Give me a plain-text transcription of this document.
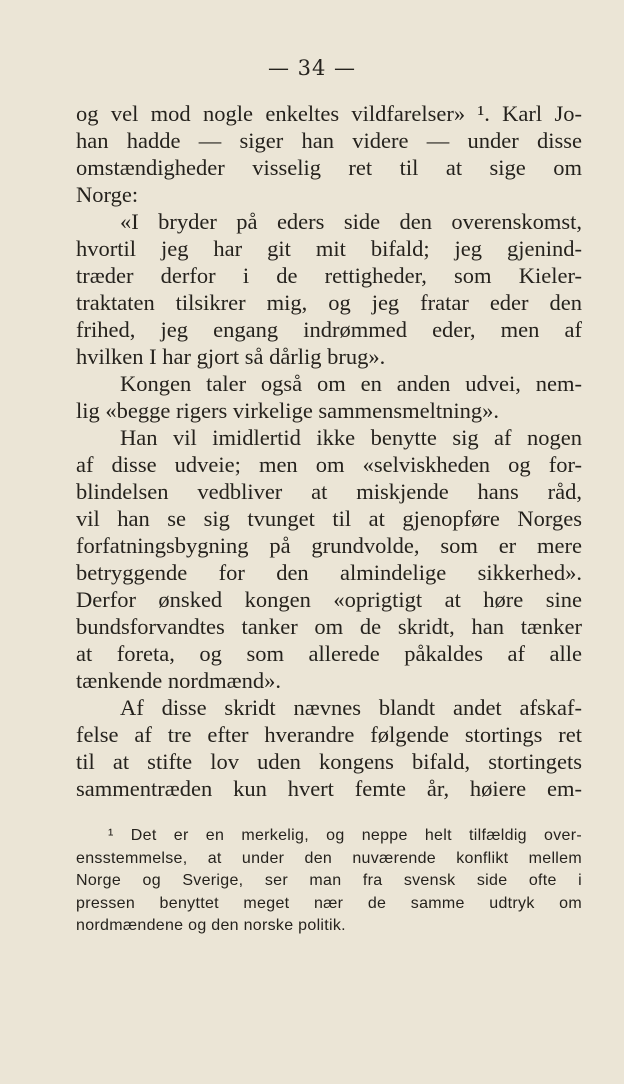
— 34 —
og vel mod nogle enkeltes vildfarelser» ¹. Karl Jo-
han hadde — siger han videre — under disse
omstændigheder visselig ret til at sige om
Norge:
«I bryder på eders side den overenskomst,
hvortil jeg har git mit bifald; jeg gjenind-
træder derfor i de rettigheder, som Kieler-
traktaten tilsikrer mig, og jeg fratar eder den
frihed, jeg engang indrømmed eder, men af
hvilken I har gjort så dårlig brug».
Kongen taler også om en anden udvei, nem-
lig «begge rigers virkelige sammensmeltning».
Han vil imidlertid ikke benytte sig af nogen
af disse udveie; men om «selviskheden og for-
blindelsen vedbliver at miskjende hans råd,
vil han se sig tvunget til at gjenopføre Norges
forfatningsbygning på grundvolde, som er mere
betryggende for den almindelige sikkerhed».
Derfor ønsked kongen «oprigtigt at høre sine
bundsforvandtes tanker om de skridt, han tænker
at foreta, og som allerede påkaldes af alle
tænkende nordmænd».
Af disse skridt nævnes blandt andet afskaf-
felse af tre efter hverandre følgende stortings ret
til at stifte lov uden kongens bifald, stortingets
sammentræden kun hvert femte år, høiere em-
¹ Det er en merkelig, og neppe helt tilfældig over-
ensstemmelse, at under den nuværende konflikt mellem
Norge og Sverige, ser man fra svensk side ofte i
pressen benyttet meget nær de samme udtryk om
nordmændene og den norske politik.
